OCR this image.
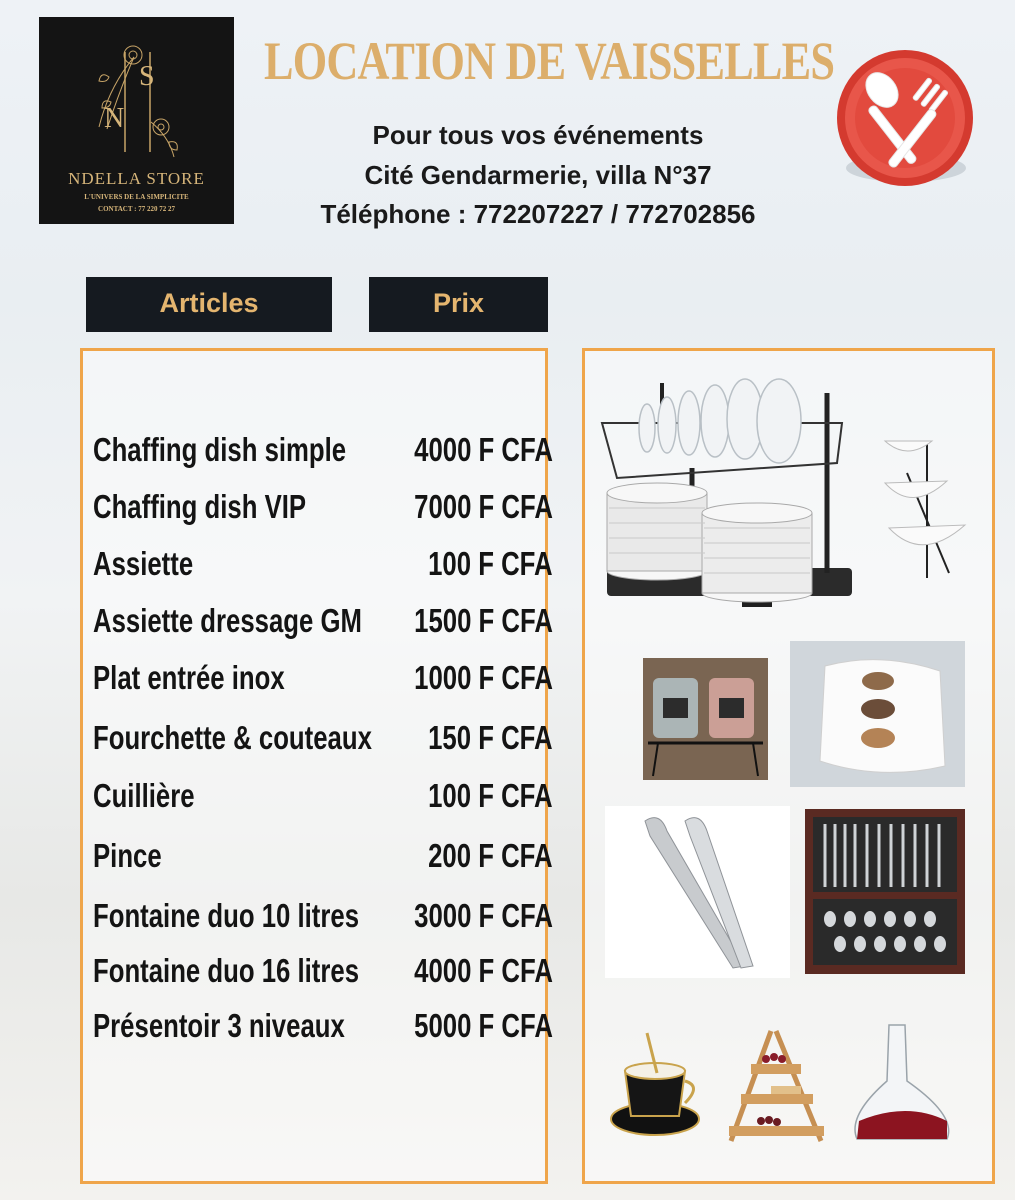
S
N
NDELLA STORE
L'UNIVERS DE LA SIMPLICITE
CONTACT : 77 220 72 27
LOCATION DE VAISSELLES
Pour tous vos événements
Cité Gendarmerie, villa N°37
Téléphone : 772207227 / 772702856
Articles	Prix
Chaffing dish simple 4000 F CFA
Chaffing dish VIP	7000 F CFA
Assiette	100 F CFA
Assiette dressage GM 1500 F CFA
Plat entrée inox	1000 F CFA
Fourchette & couteaux 150 F CFA
Cuillière	100 F CFA
Pince	200 F CFA
Fontaine duo 10 litres 3000 F CFA
Fontaine duo 16 litres 4000 F CFA
Présentoir 3 niveaux 5000 F CFA
